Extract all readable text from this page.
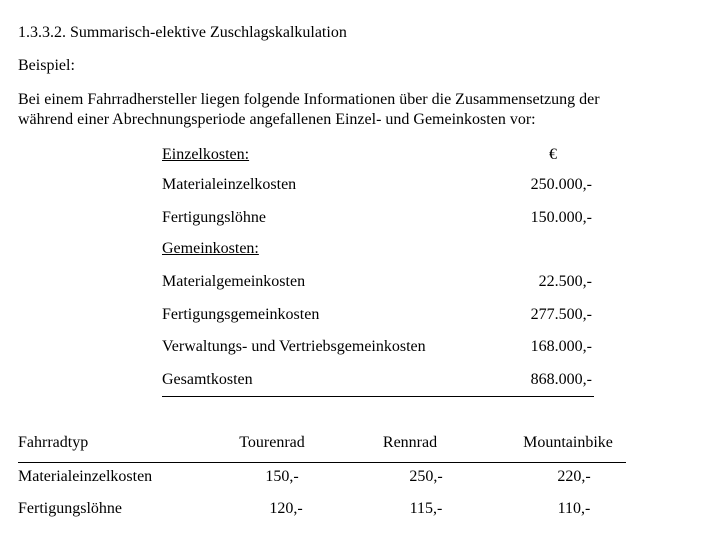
1.3.3.2. Summarisch-elektive Zuschlagskalkulation
Beispiel:
Bei einem Fahrradhersteller liegen folgende Informationen über die Zusammensetzung der
während einer Abrechnungsperiode angefallenen Einzel- und Gemeinkosten vor:
Einzelkosten:	€
Materialeinzelkosten	250.000,-
Fertigungslöhne	150.000,-
Gemeinkosten:
Materialgemeinkosten	22.500,-
Fertigungsgemeinkosten	277.500,-
Verwaltungs- und Vertriebsgemeinkosten	168.000,-
Gesamtkosten	868.000,-
Fahrradtyp	Tourenrad	Rennrad	Mountainbike
Materialeinzelkosten	150,-	250,-	220,-
Fertigungslöhne	120,-	115,-	110,-
